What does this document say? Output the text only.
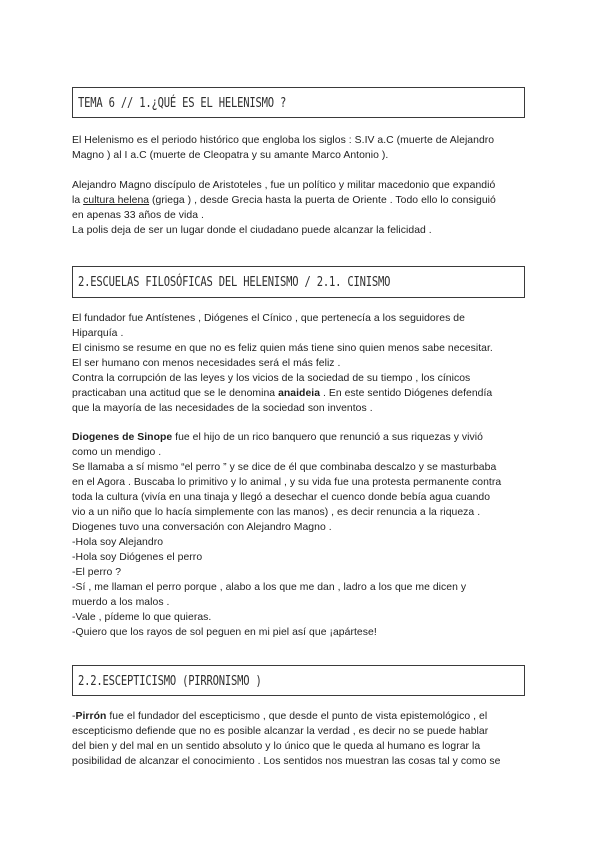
TEMA 6 // 1.¿QUÉ ES EL HELENISMO ?

El Helenismo es el periodo histórico que engloba los siglos : S.IV a.C (muerte de Alejandro

Magno ) al I a.C (muerte de Cleopatra y su amante Marco Antonio ).

Alejandro Magno discípulo de Aristoteles , fue un político y militar macedonio que expandió

la cultura helena (griega ) , desde Grecia hasta la puerta de Oriente . Todo ello lo consiguió

en apenas 33 años de vida .

La polis deja de ser un lugar donde el ciudadano puede alcanzar la felicidad .

2.ESCUELAS FILOSÓFICAS DEL HELENISMO / 2.1. CINISMO

El fundador fue Antístenes , Diógenes el Cínico , que pertenecía a los seguidores de

Hiparquía .

El cinismo se resume en que no es feliz quien más tiene sino quien menos sabe necesitar.

El ser humano con menos necesidades será el más feliz .

Contra la corrupción de las leyes y los vicios de la sociedad de su tiempo , los cínicos

practicaban una actitud que se le denomina anaideia . En este sentido Diógenes defendía

que la mayoría de las necesidades de la sociedad son inventos .

Diogenes de Sinope fue el hijo de un rico banquero que renunció a sus riquezas y vivió

como un mendigo .

Se llamaba a sí mismo “el perro ” y se dice de él que combinaba descalzo y se masturbaba

en el Agora . Buscaba lo primitivo y lo animal , y su vida fue una protesta permanente contra

toda la cultura (vivía en una tinaja y llegó a desechar el cuenco donde bebía agua cuando

vio a un niño que lo hacía simplemente con las manos) , es decir renuncia a la riqueza .

Diogenes tuvo una conversación con Alejandro Magno .

-Hola soy Alejandro

-Hola soy Diógenes el perro

-El perro ?

-Sí , me llaman el perro porque , alabo a los que me dan , ladro a los que me dicen y

muerdo a los malos .

-Vale , pídeme lo que quieras.

-Quiero que los rayos de sol peguen en mi piel así que ¡apártese!

2.2.ESCEPTICISMO (PIRRONISMO )

-Pirrón fue el fundador del escepticismo , que desde el punto de vista epistemológico , el

escepticismo defiende que no es posible alcanzar la verdad , es decir no se puede hablar

del bien y del mal en un sentido absoluto y lo único que le queda al humano es lograr la

posibilidad de alcanzar el conocimiento . Los sentidos nos muestran las cosas tal y como se
